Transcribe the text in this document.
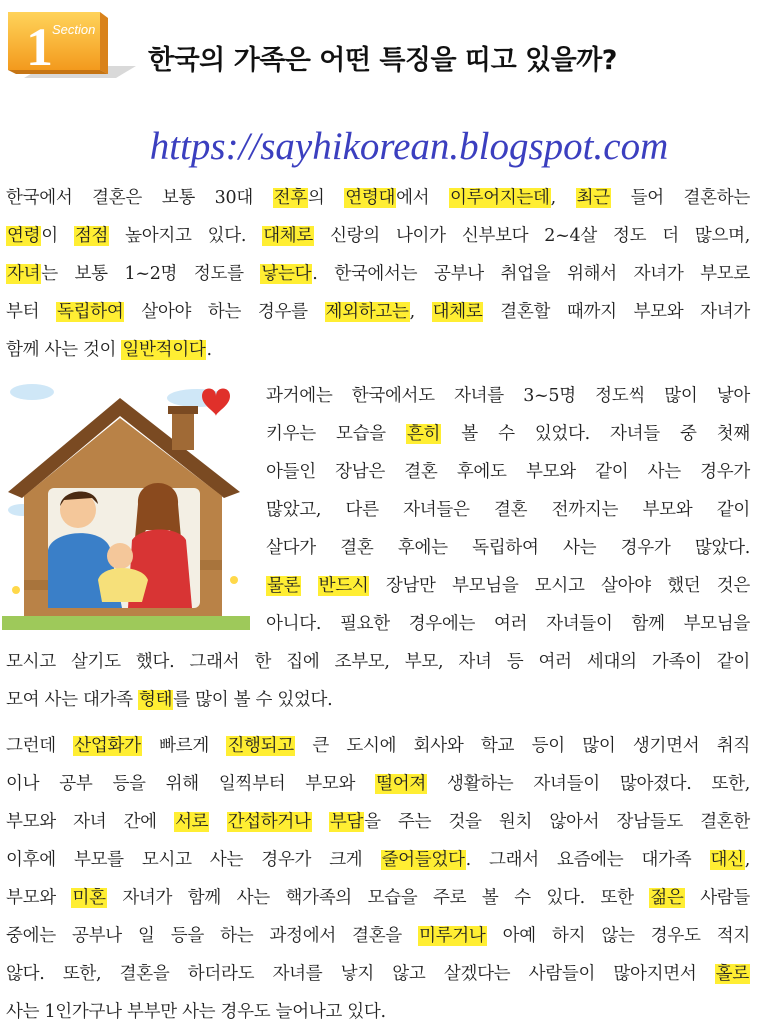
Section
1	한국의 가족은 어떤 특징을 띠고 있을까?
https://sayhikorean.blogspot.com
한국에서 결혼은 보통 30대 전후의 연령대에서 이루어지는데, 최근 들어 결혼하는
연령이 점점 높아지고 있다. 대체로 신랑의 나이가 신부보다 2~4살 정도 더 많으며,
자녀는 보통 1~2명 정도를 낳는다. 한국에서는 공부나 취업을 위해서 자녀가 부모로
부터 독립하여 살아야 하는 경우를 제외하고는, 대체로 결혼할 때까지 부모와 자녀가
함께 사는 것이 일반적이다.
과거에는 한국에서도 자녀를 3~5명 정도씩 많이 낳아
키우는 모습을 흔히 볼 수 있었다. 자녀들 중 첫째
아들인 장남은 결혼 후에도 부모와 같이 사는 경우가
많았고, 다른 자녀들은 결혼 전까지는 부모와 같이
살다가 결혼 후에는 독립하여 사는 경우가 많았다.
물론 반드시 장남만 부모님을 모시고 살아야 했던 것은
아니다. 필요한 경우에는 여러 자녀들이 함께 부모님을
모시고 살기도 했다. 그래서 한 집에 조부모, 부모, 자녀 등 여러 세대의 가족이 같이
모여 사는 대가족 형태를 많이 볼 수 있었다.
그런데 산업화가 빠르게 진행되고 큰 도시에 회사와 학교 등이 많이 생기면서 취직
이나 공부 등을 위해 일찍부터 부모와 떨어져 생활하는 자녀들이 많아졌다. 또한,
부모와 자녀 간에 서로 간섭하거나 부담을 주는 것을 원치 않아서 장남들도 결혼한
이후에 부모를 모시고 사는 경우가 크게 줄어들었다. 그래서 요즘에는 대가족 대신,
부모와 미혼 자녀가 함께 사는 핵가족의 모습을 주로 볼 수 있다. 또한 젊은 사람들
중에는 공부나 일 등을 하는 과정에서 결혼을 미루거나 아예 하지 않는 경우도 적지
않다. 또한, 결혼을 하더라도 자녀를 낳지 않고 살겠다는 사람들이 많아지면서 홀로
사는 1인가구나 부부만 사는 경우도 늘어나고 있다.
